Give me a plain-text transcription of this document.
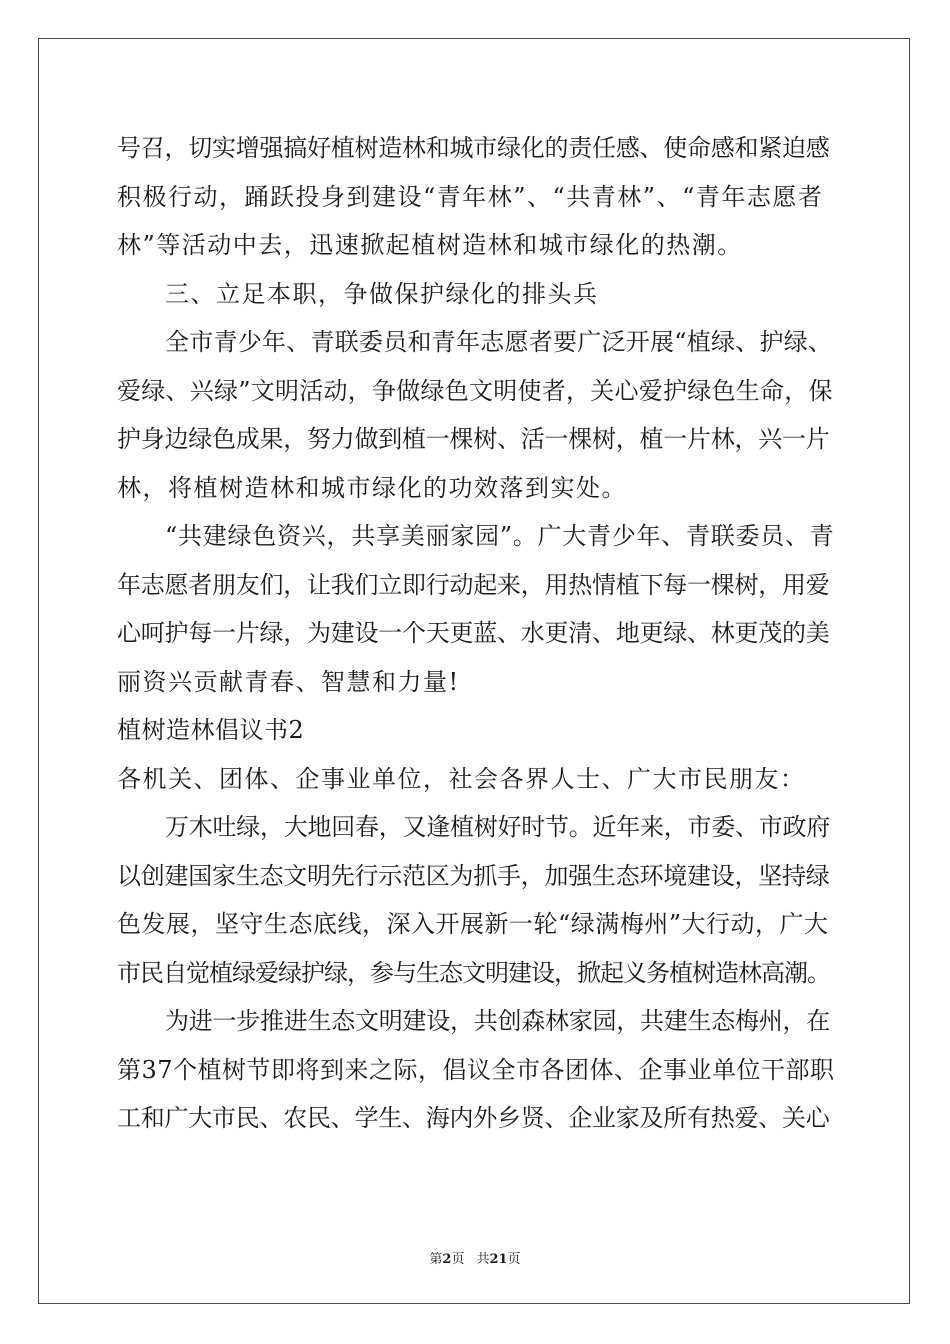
号召，切实增强搞好植树造林和城市绿化的责任感、使命感和紧迫感
积极行动，踊跃投身到建设“青年林”、“共青林”、“青年志愿者
林”等活动中去，迅速掀起植树造林和城市绿化的热潮。
三、立足本职，争做保护绿化的排头兵
全市青少年、青联委员和青年志愿者要广泛开展“植绿、护绿、
爱绿、兴绿”文明活动，争做绿色文明使者，关心爱护绿色生命，保
护身边绿色成果，努力做到植一棵树、活一棵树，植一片林，兴一片
林，将植树造林和城市绿化的功效落到实处。
“共建绿色资兴，共享美丽家园”。广大青少年、青联委员、青
年志愿者朋友们，让我们立即行动起来，用热情植下每一棵树，用爱
心呵护每一片绿，为建设一个天更蓝、水更清、地更绿、林更茂的美
丽资兴贡献青春、智慧和力量!
植树造林倡议书2
各机关、团体、企事业单位，社会各界人士、广大市民朋友：
万木吐绿，大地回春，又逢植树好时节。近年来，市委、市政府
以创建国家生态文明先行示范区为抓手，加强生态环境建设，坚持绿
色发展，坚守生态底线，深入开展新一轮“绿满梅州”大行动，广大
市民自觉植绿爱绿护绿，参与生态文明建设，掀起义务植树造林高潮。
为进一步推进生态文明建设，共创森林家园，共建生态梅州，在
第37个植树节即将到来之际，倡议全市各团体、企事业单位干部职
工和广大市民、农民、学生、海内外乡贤、企业家及所有热爱、关心
第2页 共21页
